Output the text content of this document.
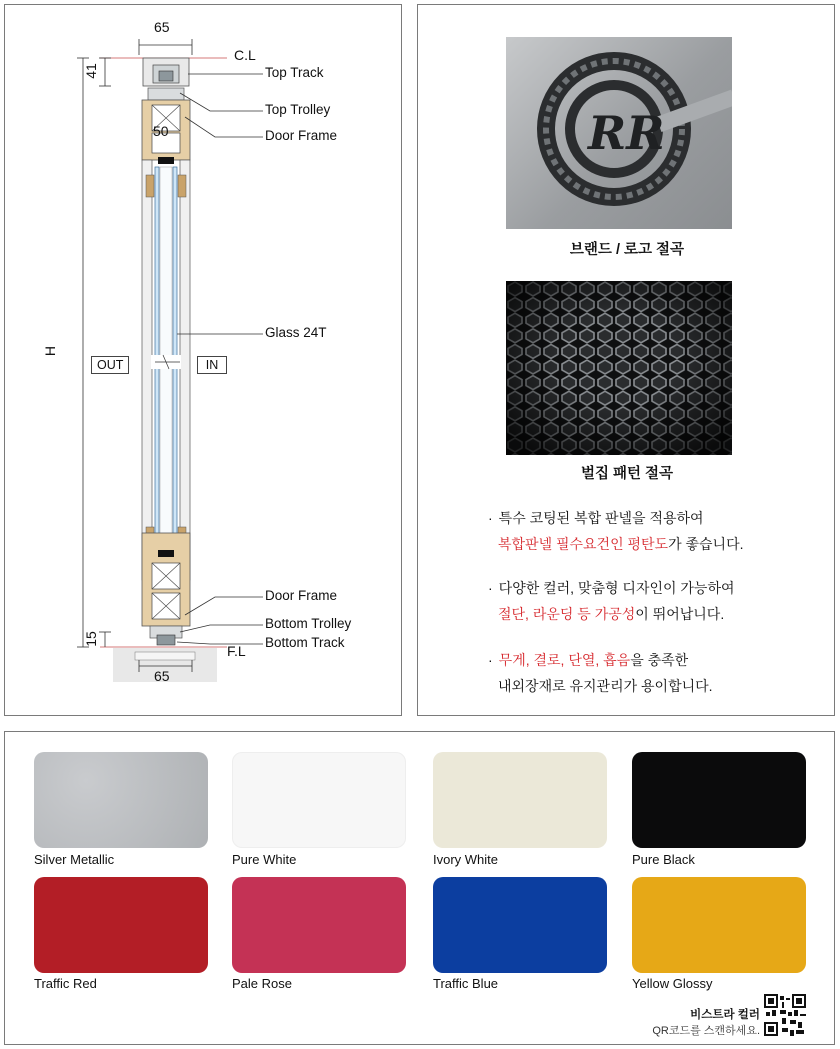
65
C.L
41
50
H
OUT	IN
15
F.L
65
Top Track
Top Trolley
Door Frame
Glass 24T
Door Frame
Bottom Trolley
Bottom Track
RR
브랜드 / 로고 절곡
벌집 패턴 절곡
· 특수 코팅된 복합 판넬을 적용하여
복합판넬 필수요건인 평탄도가 좋습니다.
· 다양한 컬러, 맞춤형 디자인이 가능하여
절단, 라운딩 등 가공성이 뛰어납니다.
· 무게, 결로, 단열, 흡음을 충족한
내외장재로 유지관리가 용이합니다.
Silver Metallic	Pure White	Ivory White	Pure Black
Traffic Red	Pale Rose	Traffic Blue	Yellow Glossy
비스트라 컬러
QR코드를 스캔하세요.
